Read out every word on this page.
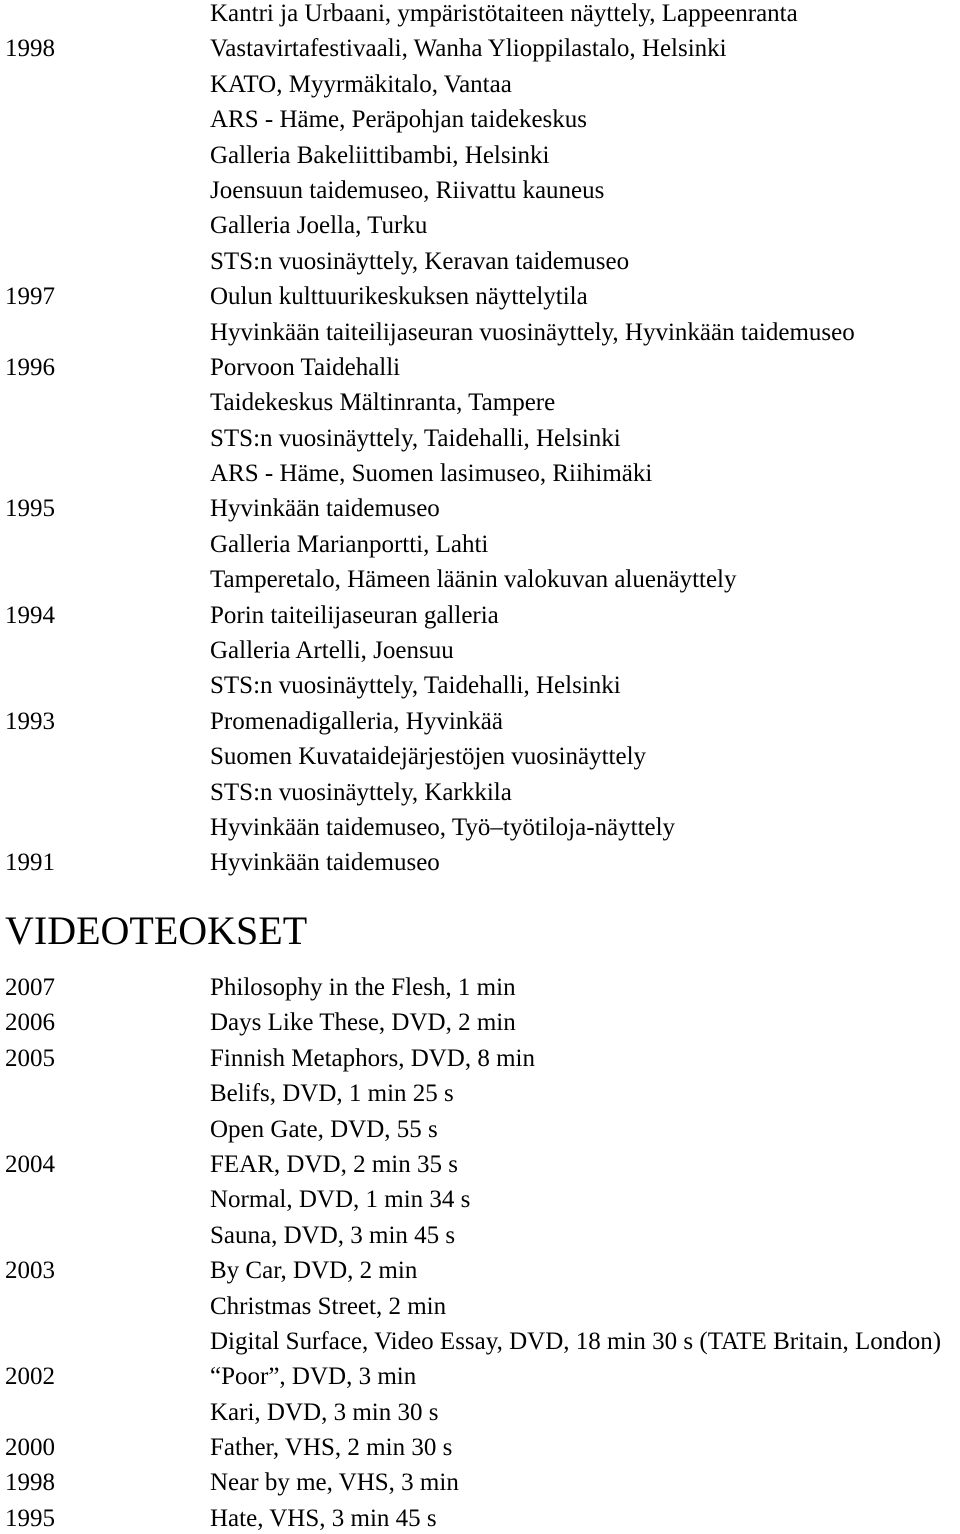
Kantri ja Urbaani, ympäristötaiteen näyttely, Lappeenranta
1998	Vastavirtafestivaali, Wanha Ylioppilastalo, Helsinki
KATO, Myyrmäkitalo, Vantaa
ARS - Häme, Peräpohjan taidekeskus
Galleria Bakeliittibambi, Helsinki
Joensuun taidemuseo, Riivattu kauneus
Galleria Joella, Turku
STS:n vuosinäyttely, Keravan taidemuseo
1997	Oulun kulttuurikeskuksen näyttelytila
Hyvinkään taiteilijaseuran vuosinäyttely, Hyvinkään taidemuseo
1996	Porvoon Taidehalli
Taidekeskus Mältinranta, Tampere
STS:n vuosinäyttely, Taidehalli, Helsinki
ARS - Häme, Suomen lasimuseo, Riihimäki
1995	Hyvinkään taidemuseo
Galleria Marianportti, Lahti
Tamperetalo, Hämeen läänin valokuvan aluenäyttely
1994	Porin taiteilijaseuran galleria
Galleria Artelli, Joensuu
STS:n vuosinäyttely, Taidehalli, Helsinki
1993	Promenadigalleria, Hyvinkää
Suomen Kuvataidejärjestöjen vuosinäyttely
STS:n vuosinäyttely, Karkkila
Hyvinkään taidemuseo, Työ–työtiloja-näyttely
1991	Hyvinkään taidemuseo
VIDEOTEOKSET
2007	Philosophy in the Flesh, 1 min
2006	Days Like These, DVD, 2 min
2005	Finnish Metaphors, DVD, 8 min
Belifs, DVD, 1 min 25 s
Open Gate, DVD, 55 s
2004	FEAR, DVD, 2 min 35 s
Normal, DVD, 1 min 34 s
Sauna, DVD, 3 min 45 s
2003	By Car, DVD, 2 min
Christmas Street, 2 min
Digital Surface, Video Essay, DVD, 18 min 30 s (TATE Britain, London)
2002	“Poor”, DVD, 3 min
Kari, DVD, 3 min 30 s
2000	Father, VHS, 2 min 30 s
1998	Near by me, VHS, 3 min
1995	Hate, VHS, 3 min 45 s
